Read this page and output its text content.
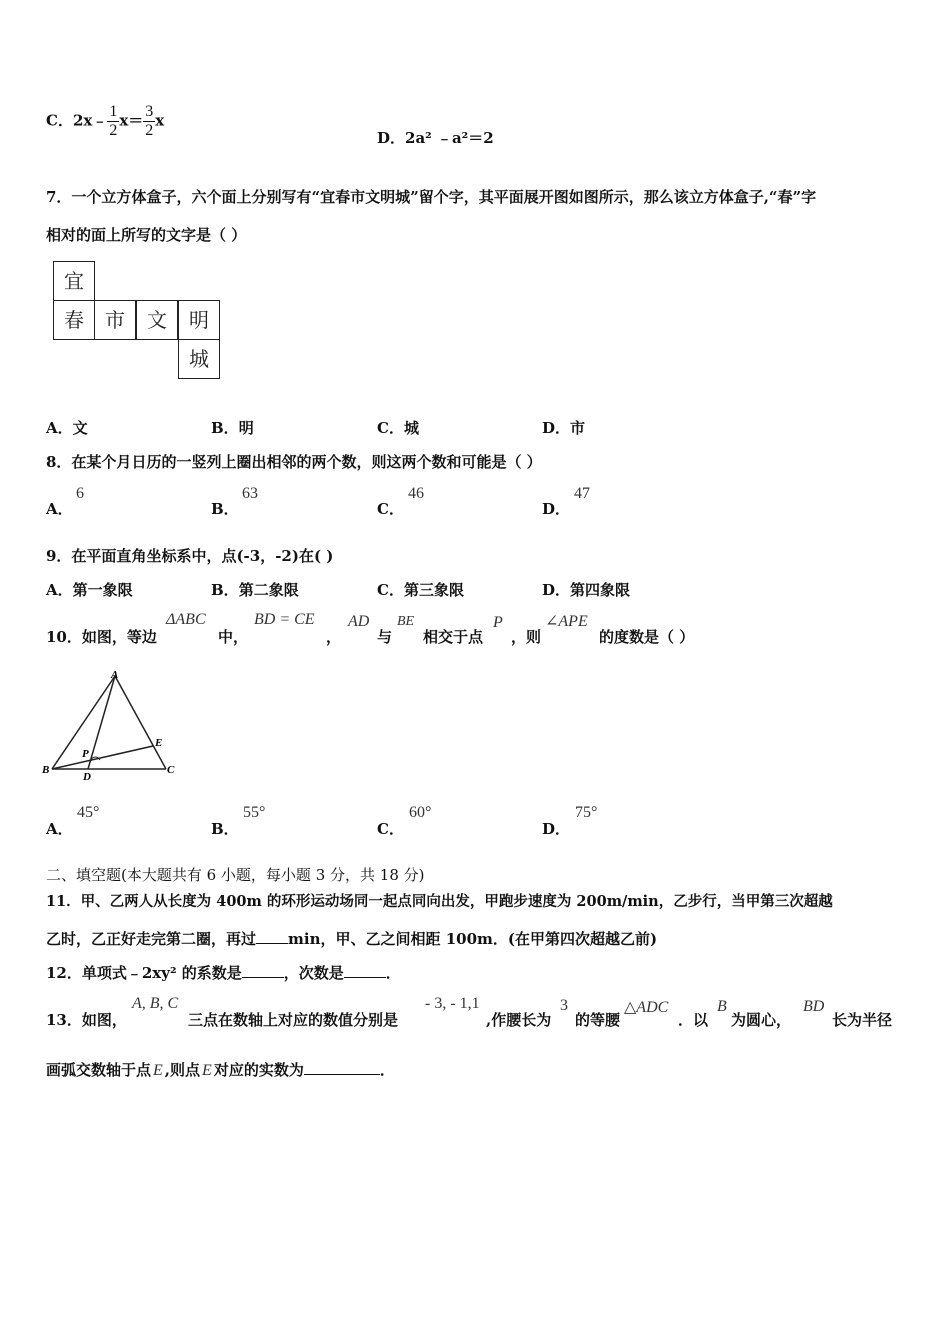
C．2x﹣ $\frac{1}{2} x= \frac{3}{2}$ x
D．2a² ﹣a²＝2
7．一个立方体盒子，六个面上分别写有“宜春市文明城”留个字，其平面展开图如图所示，那么该立方体盒子,“春”字
相对的面上所写的文字是（ ）
宜
春	市	文	明
城
A．文	B．明	C．城	D．市
8．在某个月日历的一竖列上圈出相邻的两个数，则这两个数和可能是（ ）
A．
6
B．
63
C．
46
D．
47
9．在平面直角坐标系中，点(-3，-2)在( )
A．第一象限	B．第二象限	C．第三象限	D．第四象限
10．如图，等边
ΔABC
中，
BD = CE
，
AD
与
BE
相交于点
P
，则
∠APE
的度数是（ ）
A
B	C
D
E
P
A．
45°
B．
55°
C．
60°
D．
75°
二、填空题(本大题共有 6 小题，每小题 3 分，共 18 分)
11．甲、乙两人从长度为 400m 的环形运动场同一起点同向出发，甲跑步速度为 200m/min，乙步行，当甲第三次超越
乙时，乙正好走完第二圈，再过 min，甲、乙之间相距 100m．(在甲第四次超越乙前)
12．单项式﹣2xy² 的系数是	，次数是	．
13．如图，
A, B, C
三点在数轴上对应的数值分别是
- 3, - 1,1
,作腰长为
3
的等腰
△ADC
．以
B
为圆心，
BD
长为半径
画弧交数轴于点 E ,则点 E 对应的实数为	．
